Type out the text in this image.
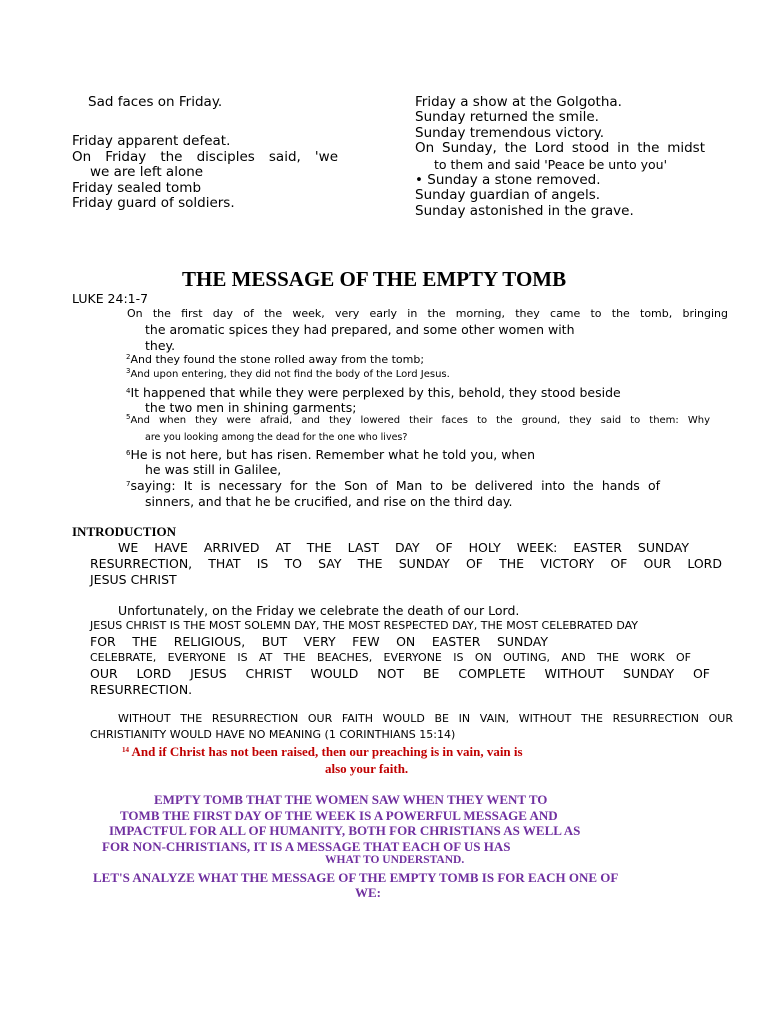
Sad faces on Friday.
Friday apparent defeat.
On Friday the disciples said, 'we
we are left alone
Friday sealed tomb
Friday guard of soldiers.
Friday a show at the Golgotha.
Sunday returned the smile.
Sunday tremendous victory.
On Sunday, the Lord stood in the midst
to them and said 'Peace be unto you'
• Sunday a stone removed.
Sunday guardian of angels.
Sunday astonished in the grave.
THE MESSAGE OF THE EMPTY TOMB
LUKE 24:1-7
On the first day of the week, very early in the morning, they came to the tomb, bringing
the aromatic spices they had prepared, and some other women with
they.
$^2$And they found the stone rolled away from the tomb;
$^3$And upon entering, they did not find the body of the Lord Jesus.
$^4$It happened that while they were perplexed by this, behold, they stood beside
the two men in shining garments;
$^5$And when they were afraid, and they lowered their faces to the ground, they said to them: Why
are you looking among the dead for the one who lives?
$^6$He is not here, but has risen. Remember what he told you, when
he was still in Galilee,
$^7$saying: It is necessary for the Son of Man to be delivered into the hands of
sinners, and that he be crucified, and rise on the third day.
INTRODUCTION
WE HAVE ARRIVED AT THE LAST DAY OF HOLY WEEK: EASTER SUNDAY
RESURRECTION, THAT IS TO SAY THE SUNDAY OF THE VICTORY OF OUR LORD
JESUS CHRIST
Unfortunately, on the Friday we celebrate the death of our Lord.
JESUS CHRIST IS THE MOST SOLEMN DAY, THE MOST RESPECTED DAY, THE MOST CELEBRATED DAY
FOR THE RELIGIOUS, BUT VERY FEW ON EASTER SUNDAY
CELEBRATE, EVERYONE IS AT THE BEACHES, EVERYONE IS ON OUTING, AND THE WORK OF
OUR LORD JESUS CHRIST WOULD NOT BE COMPLETE WITHOUT SUNDAY OF
RESURRECTION.
WITHOUT THE RESURRECTION OUR FAITH WOULD BE IN VAIN, WITHOUT THE RESURRECTION OUR
CHRISTIANITY WOULD HAVE NO MEANING (1 CORINTHIANS 15:14)
$^{14}$ And if Christ has not been raised, then our preaching is in vain, vain is
also your faith.
EMPTY TOMB THAT THE WOMEN SAW WHEN THEY WENT TO
TOMB THE FIRST DAY OF THE WEEK IS A POWERFUL MESSAGE AND
IMPACTFUL FOR ALL OF HUMANITY, BOTH FOR CHRISTIANS AS WELL AS
FOR NON-CHRISTIANS, IT IS A MESSAGE THAT EACH OF US HAS
WHAT TO UNDERSTAND.
LET'S ANALYZE WHAT THE MESSAGE OF THE EMPTY TOMB IS FOR EACH ONE OF
WE:
